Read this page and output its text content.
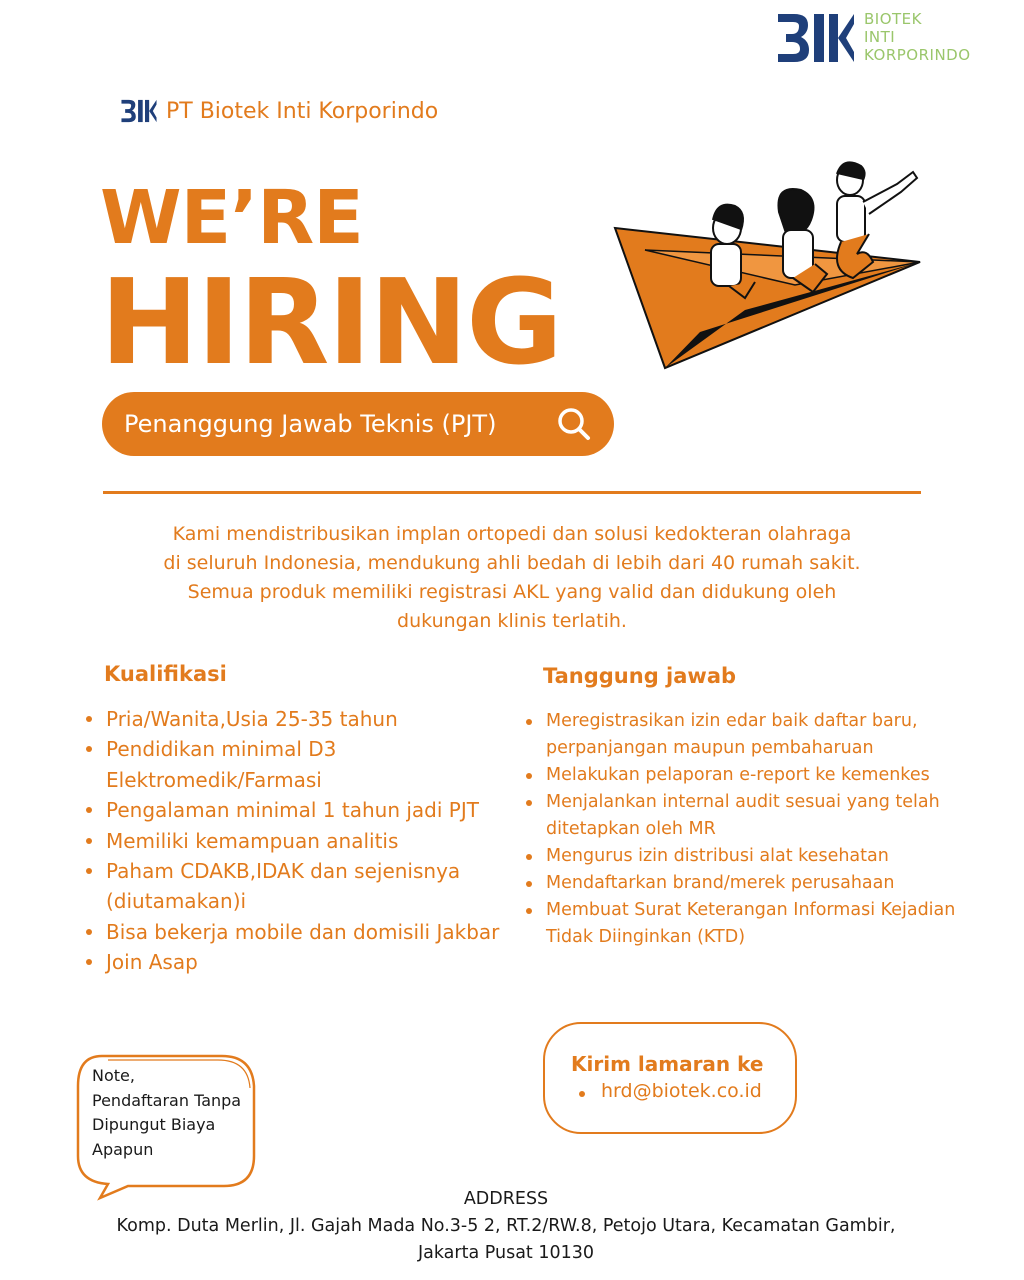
BIOTEK
INTI
KORPORINDO
PT Biotek Inti Korporindo
WE’RE
HIRING
Penanggung Jawab Teknis (PJT)
Kami mendistribusikan implan ortopedi dan solusi kedokteran olahraga
di seluruh Indonesia, mendukung ahli bedah di lebih dari 40 rumah sakit.
Semua produk memiliki registrasi AKL yang valid dan didukung oleh
dukungan klinis terlatih.
Kualifikasi
Pria/Wanita,Usia 25-35 tahun
Pendidikan minimal D3 Elektromedik/Farmasi
Pengalaman minimal 1 tahun jadi PJT
Memiliki kemampuan analitis
Paham CDAKB,IDAK dan sejenisnya (diutamakan)i
Bisa bekerja mobile dan domisili Jakbar
Join Asap
Tanggung jawab
Meregistrasikan izin edar baik daftar baru, perpanjangan maupun pembaharuan
Melakukan pelaporan e-report ke kemenkes
Menjalankan internal audit sesuai yang telah ditetapkan oleh MR
Mengurus izin distribusi alat kesehatan
Mendaftarkan brand/merek perusahaan
Membuat Surat Keterangan Informasi Kejadian Tidak Diinginkan (KTD)
Note,
Pendaftaran Tanpa
Dipungut Biaya
Apapun
Kirim lamaran ke
hrd@biotek.co.id
ADDRESS
Komp. Duta Merlin, Jl. Gajah Mada No.3-5 2, RT.2/RW.8, Petojo Utara, Kecamatan Gambir,
Jakarta Pusat 10130
